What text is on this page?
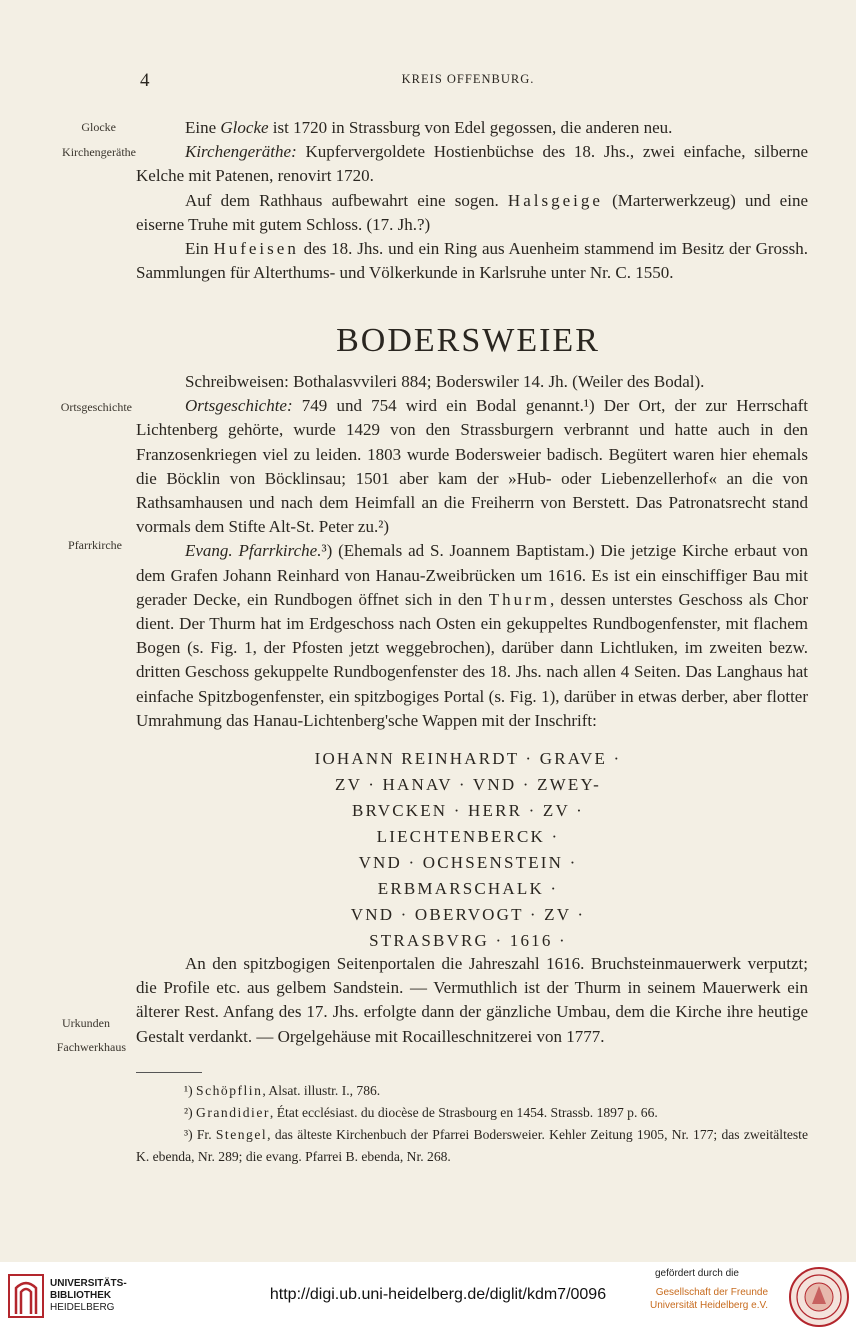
4	KREIS OFFENBURG.
Glocke
Kirchengeräthe
Ortsgeschichte
Pfarrkirche
Urkunden
Fachwerkhaus

Eine Glocke ist 1720 in Strassburg von Edel gegossen, die anderen neu.

Kirchengeräthe: Kupfervergoldete Hostienbüchse des 18. Jhs., zwei einfache, silberne Kelche mit Patenen, renovirt 1720.

Auf dem Rathhaus aufbewahrt eine sogen. Halsgeige (Marterwerkzeug) und eine eiserne Truhe mit gutem Schloss. (17. Jh.?)

Ein Hufeisen des 18. Jhs. und ein Ring aus Auenheim stammend im Besitz der Grossh. Sammlungen für Alterthums- und Völkerkunde in Karlsruhe unter Nr. C. 1550.

BODERSWEIER

Schreibweisen: Bothalasvvileri 884; Boderswiler 14. Jh. (Weiler des Bodal).

Ortsgeschichte: 749 und 754 wird ein Bodal genannt.¹) Der Ort, der zur Herrschaft Lichtenberg gehörte, wurde 1429 von den Strassburgern verbrannt und hatte auch in den Franzosenkriegen viel zu leiden. 1803 wurde Bodersweier badisch. Begütert waren hier ehemals die Böcklin von Böcklinsau; 1501 aber kam der »Hub- oder Liebenzellerhof« an die von Rathsamhausen und nach dem Heimfall an die Freiherrn von Berstett. Das Patronatsrecht stand vormals dem Stifte Alt-St. Peter zu.²)

Evang. Pfarrkirche.³) (Ehemals ad S. Joannem Baptistam.) Die jetzige Kirche erbaut von dem Grafen Johann Reinhard von Hanau-Zweibrücken um 1616. Es ist ein einschiffiger Bau mit gerader Decke, ein Rundbogen öffnet sich in den Thurm, dessen unterstes Geschoss als Chor dient. Der Thurm hat im Erdgeschoss nach Osten ein gekuppeltes Rundbogenfenster, mit flachem Bogen (s. Fig. 1, der Pfosten jetzt weggebrochen), darüber dann Lichtluken, im zweiten bezw. dritten Geschoss gekuppelte Rundbogenfenster des 18. Jhs. nach allen 4 Seiten. Das Langhaus hat einfache Spitzbogenfenster, ein spitzbogiges Portal (s. Fig. 1), darüber in etwas derber, aber flotter Umrahmung das Hanau-Lichtenberg'sche Wappen mit der Inschrift:

IOHANN REINHARDT · GRAVE ·
ZV · HANAV · VND · ZWEY-
BRVCKEN · HERR · ZV ·
LIECHTENBERCK ·
VND · OCHSENSTEIN ·
ERBMARSCHALK ·
VND · OBERVOGT · ZV ·
STRASBVRG · 1616 ·

An den spitzbogigen Seitenportalen die Jahreszahl 1616. Bruchsteinmauerwerk verputzt; die Profile etc. aus gelbem Sandstein. — Vermuthlich ist der Thurm in seinem Mauerwerk ein älterer Rest. Anfang des 17. Jhs. erfolgte dann der gänzliche Umbau, dem die Kirche ihre heutige Gestalt verdankt. — Orgelgehäuse mit Rocailleschnitzerei von 1777.

¹) Schöpflin, Alsat. illustr. I., 786.

²) Grandidier, État ecclésiast. du diocèse de Strasbourg en 1454. Strassb. 1897 p. 66.

³) Fr. Stengel, das älteste Kirchenbuch der Pfarrei Bodersweier. Kehler Zeitung 1905, Nr. 177; das zweitälteste K. ebenda, Nr. 289; die evang. Pfarrei B. ebenda, Nr. 268.

UNIVERSITÄTS-
BIBLIOTHEK
HEIDELBERG
http://digi.ub.uni-heidelberg.de/diglit/kdm7/0096
gefördert durch die
Gesellschaft der Freunde
Universität Heidelberg e.V.
